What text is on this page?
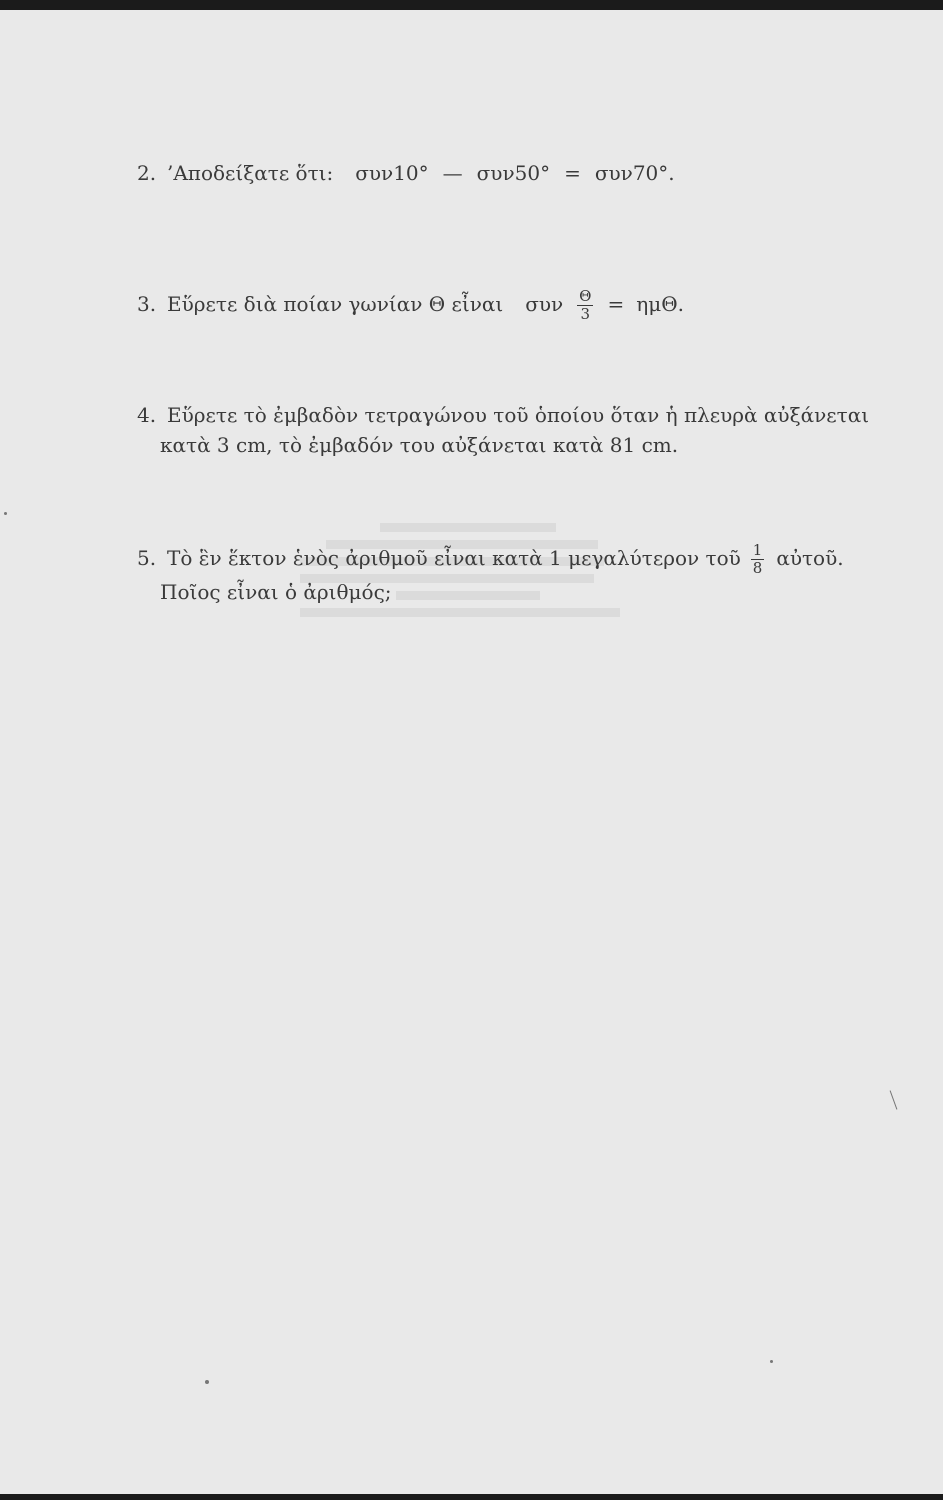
2. ’Αποδείξατε ὅτι: συν10° — συν50° = συν70°.
3. Εὕρετε διὰ ποίαν γωνίαν Θ εἶναι συν $\frac{\Theta}{3} = \eta\mu\Theta$.
4. Εὕρετε τὸ ἐμβαδὸν τετραγώνου τοῦ ὁποίου ὅταν ἡ πλευρὰ αὐξάνεται
κατὰ 3 cm, τὸ ἐμβαδόν του αὐξάνεται κατὰ 81 cm.
5. Τὸ ἓν ἕκτον ἑνὸς ἀριθμοῦ εἶναι κατὰ 1 μεγαλύτερον τοῦ $\frac{1}{8}$ αὐτοῦ.
Ποῖος εἶναι ὁ ἀριθμός;
